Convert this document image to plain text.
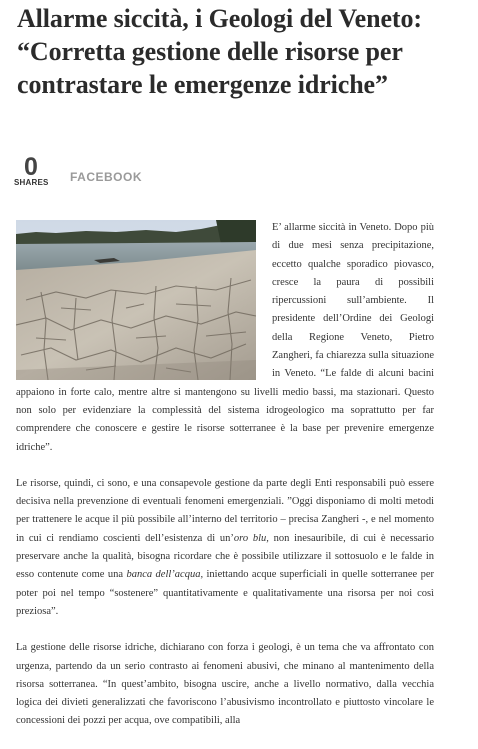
Allarme siccità, i Geologi del Veneto: “Corretta gestione delle risorse per contrastare le emergenze idriche”
0
SHARES FACEBOOK

E’ allarme siccità in Veneto. Dopo più di due mesi senza precipitazione, eccetto qualche sporadico piovasco, cresce la paura di possibili ripercussioni sull’ambiente. Il presidente dell’Ordine dei Geologi della Regione Veneto, Pietro Zangheri, fa chiarezza sulla situazione in Veneto. “Le falde di alcuni bacini appaiono in forte calo, mentre altre si mantengono su livelli medio bassi, ma stazionari. Questo non solo per evidenziare la complessità del sistema idrogeologico ma soprattutto per far comprendere che conoscere e gestire le risorse sotterranee è la base per prevenire emergenze idriche”.

Le risorse, quindi, ci sono, e una consapevole gestione da parte degli Enti responsabili può essere decisiva nella prevenzione di eventuali fenomeni emergenziali. ”Oggi disponiamo di molti metodi per trattenere le acque il più possibile all’interno del territorio – precisa Zangheri -, e nel momento in cui ci rendiamo coscienti dell’esistenza di un’oro blu, non inesauribile, di cui è necessario preservare anche la qualità, bisogna ricordare che è possibile utilizzare il sottosuolo e le falde in esso contenute come una banca dell’acqua, iniettando acque superficiali in quelle sotterranee per poter poi nel tempo “sostenere” quantitativamente e qualitativamente una risorsa per noi così preziosa”.

La gestione delle risorse idriche, dichiarano con forza i geologi, è un tema che va affrontato con urgenza, partendo da un serio contrasto ai fenomeni abusivi, che minano al mantenimento della risorsa sotterranea. “In quest’ambito, bisogna uscire, anche a livello normativo, dalla vecchia logica dei divieti generalizzati che favoriscono l’abusivismo incontrollato e piuttosto vincolare le concessioni dei pozzi per acqua, ove compatibili, alla
